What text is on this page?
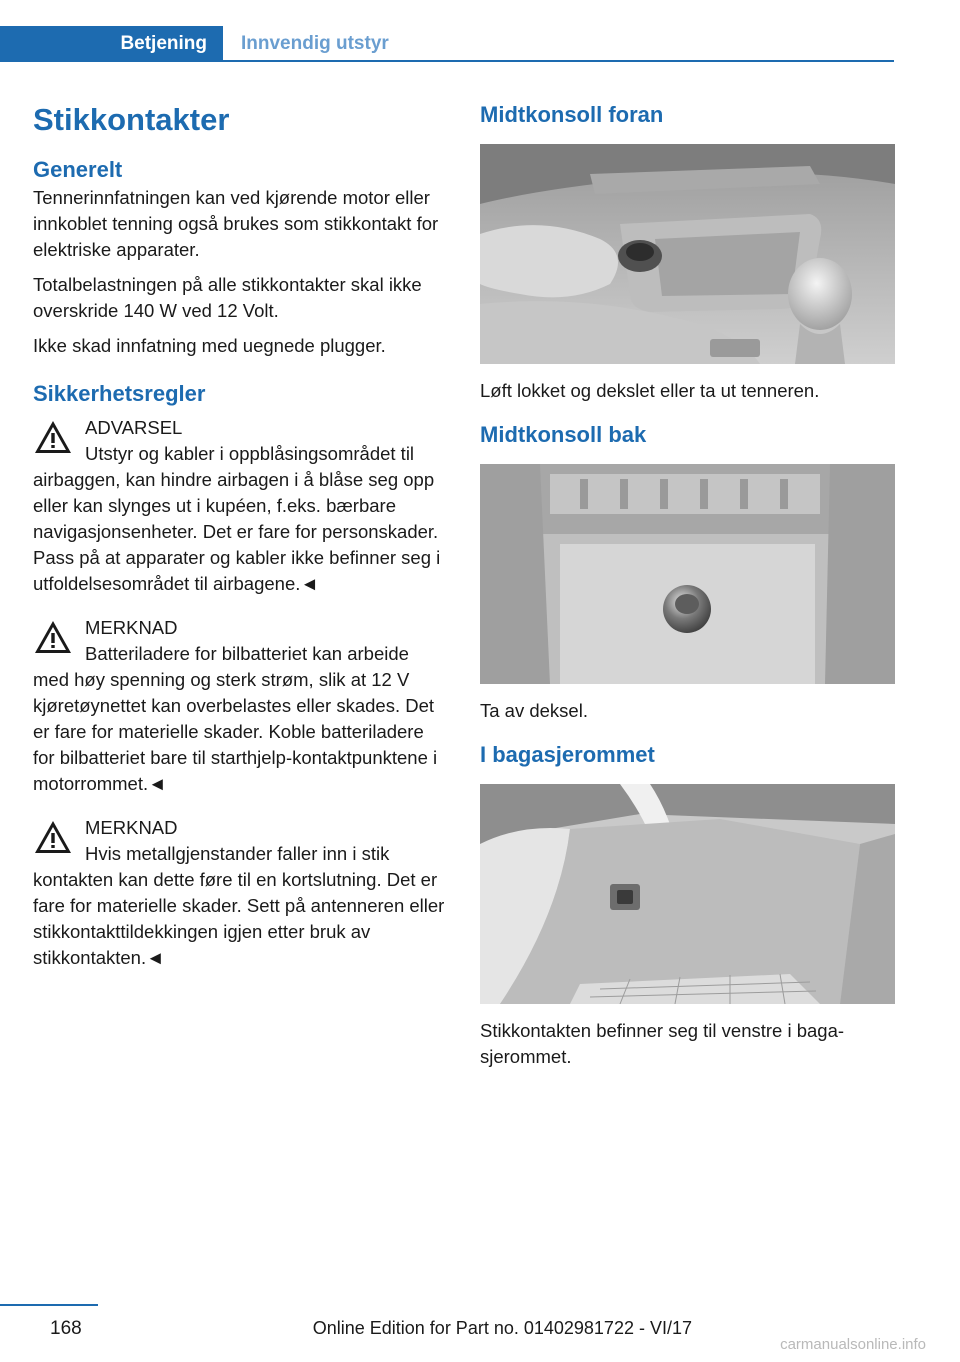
Betjening	Innvendig utstyr
Stikkontakter
Generelt

Tennerinnfatningen kan ved kjørende motor eller innkoblet tenning også brukes som stikkontakt for elektriske apparater.

Totalbelastningen på alle stikkontakter skal ikke overskride 140 W ved 12 Volt.

Ikke skad innfatning med uegnede plugger.

Sikkerhetsregler
ADVARSEL
Utstyr og kabler i oppblåsingsområdet til
airbaggen, kan hindre airbagen i å blåse seg opp eller kan slynges ut i kupéen, f.eks. bærbare navigasjonsenheter. Det er fare for personskader. Pass på at apparater og kabler ikke befinner seg i utfoldelsesområdet til airbagene.◄
MERKNAD
Batteriladere for bilbatteriet kan arbeide
med høy spenning og sterk strøm, slik at 12 V kjøretøynettet kan overbelastes eller skades. Det er fare for materielle skader. Koble batteriladere for bilbatteriet bare til starthjelp-kontaktpunktene i motorrommet.◄
MERKNAD
Hvis metallgjenstander faller inn i stik
kontakten kan dette føre til en kortslutning. Det er fare for materielle skader. Sett på antenneren eller stikkontakttildekkingen igjen etter bruk av stikkontakten.◄
Midtkonsoll foran

Løft lokket og dekslet eller ta ut tenneren.

Midtkonsoll bak

Ta av deksel.

I bagasjerommet

Stikkontakten befinner seg til venstre i bagasjerommet.

168	Online Edition for Part no. 01402981722 - VI/17
carmanualsonline.info
